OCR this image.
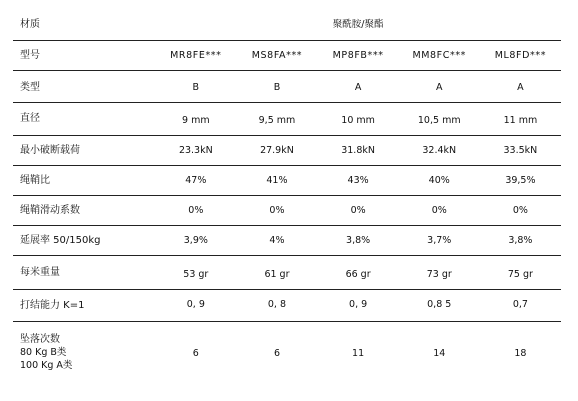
材质	聚酰胺/聚酯				
型号	MR8FE***	MS8FA***	MP8FB***	MM8FC***	ML8FD***
类型	B	B	A	A	A
直径	9 mm	9,5 mm	10 mm	10,5 mm	11 mm
最小破断载荷	23.3kN	27.9kN	31.8kN	32.4kN	33.5kN
绳鞘比	47%	41%	43%	40%	39,5%
绳鞘滑动系数	0%	0%	0%	0%	0%
延展率 50/150kg	3,9%	4%	3,8%	3,7%	3,8%
每米重量	53 gr	61 gr	66 gr	73 gr	75 gr
打结能力 K=1	0, 9	0, 8	0, 9	0,8 5	0,7

坠落次数
80 Kg B类
100 Kg A类	6	6	11	14	18
